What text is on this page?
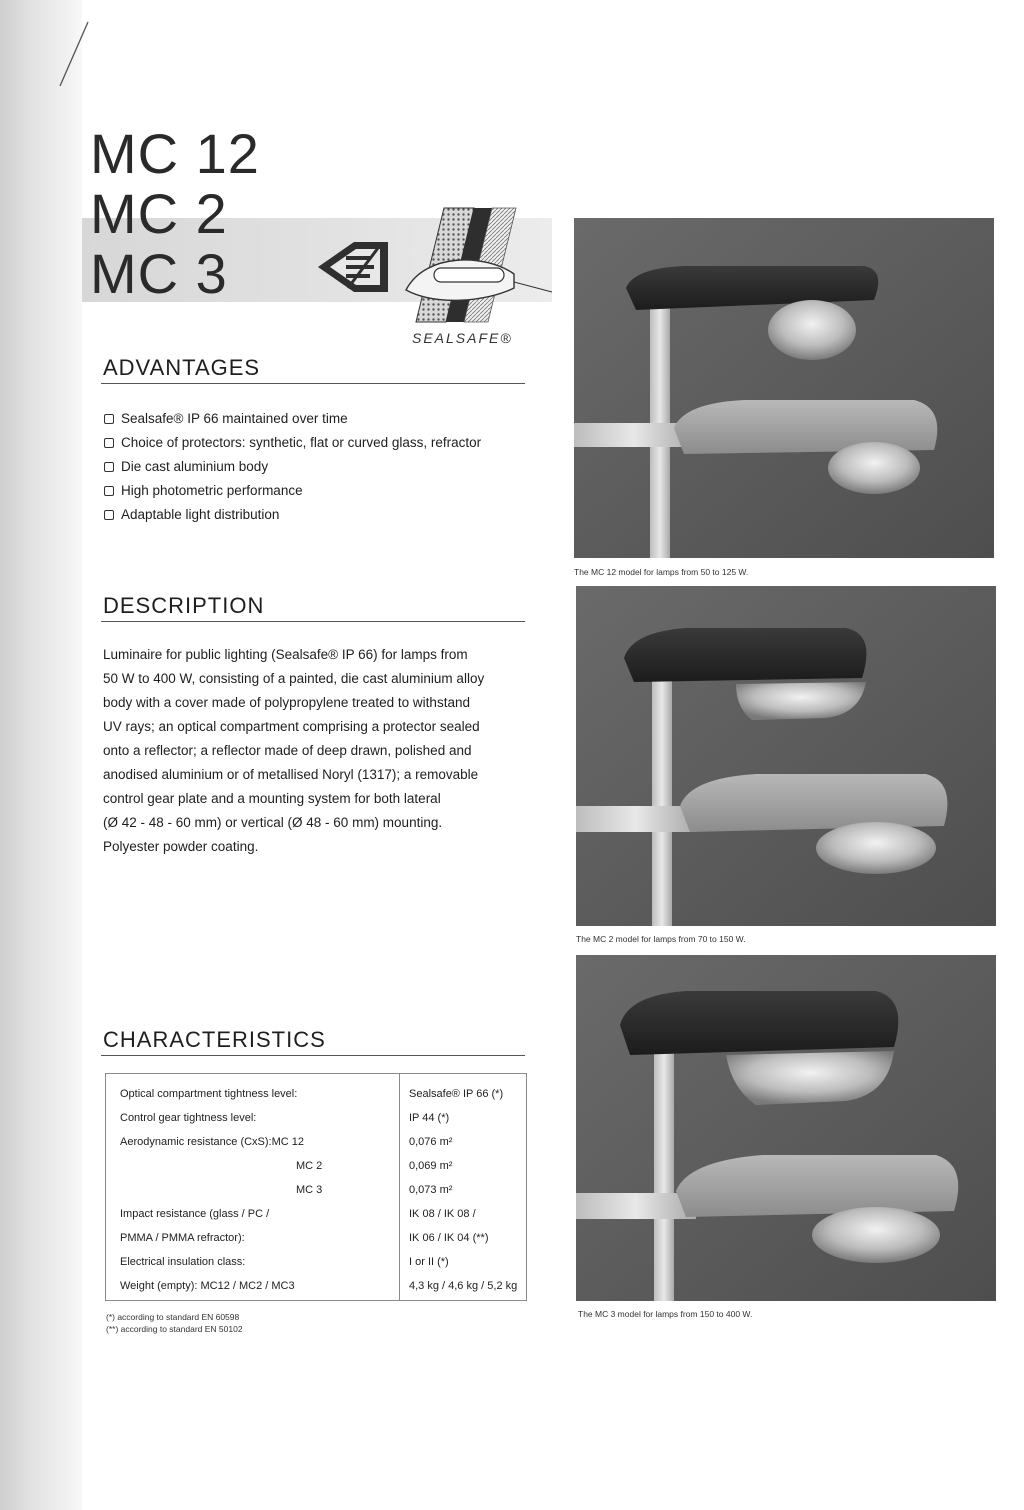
MC 12
MC 2
MC 3
SEALSAFE®
ADVANTAGES
Sealsafe® IP 66 maintained over time
Choice of protectors: synthetic, flat or curved glass, refractor
Die cast aluminium body
High photometric performance
Adaptable light distribution
DESCRIPTION
Luminaire for public lighting (Sealsafe® IP 66) for lamps from
50 W to 400 W, consisting of a painted, die cast aluminium alloy
body with a cover made of polypropylene treated to withstand
UV rays; an optical compartment comprising a protector sealed
onto a reflector; a reflector made of deep drawn, polished and
anodised aluminium or of metallised Noryl (1317); a removable
control gear plate and a mounting system for both lateral
(Ø 42 - 48 - 60 mm) or vertical (Ø 48 - 60 mm) mounting.
Polyester powder coating.
CHARACTERISTICS
Optical compartment tightness level:	Sealsafe® IP 66 (*)
Control gear tightness level:	IP 44 (*)
Aerodynamic resistance (CxS):MC 12	0,076 m²
MC 2	0,069 m²
MC 3	0,073 m²
Impact resistance (glass / PC /	IK 08 / IK 08 /
PMMA / PMMA refractor):	IK 06 / IK 04 (**)
Electrical insulation class:	I or II (*)
Weight (empty): MC12 / MC2 / MC3	4,3 kg / 4,6 kg / 5,2 kg
(*) according to standard EN 60598
(**) according to standard EN 50102
The MC 12 model for lamps from 50 to 125 W.
The MC 2 model for lamps from 70 to 150 W.
The MC 3 model for lamps from 150 to 400 W.
